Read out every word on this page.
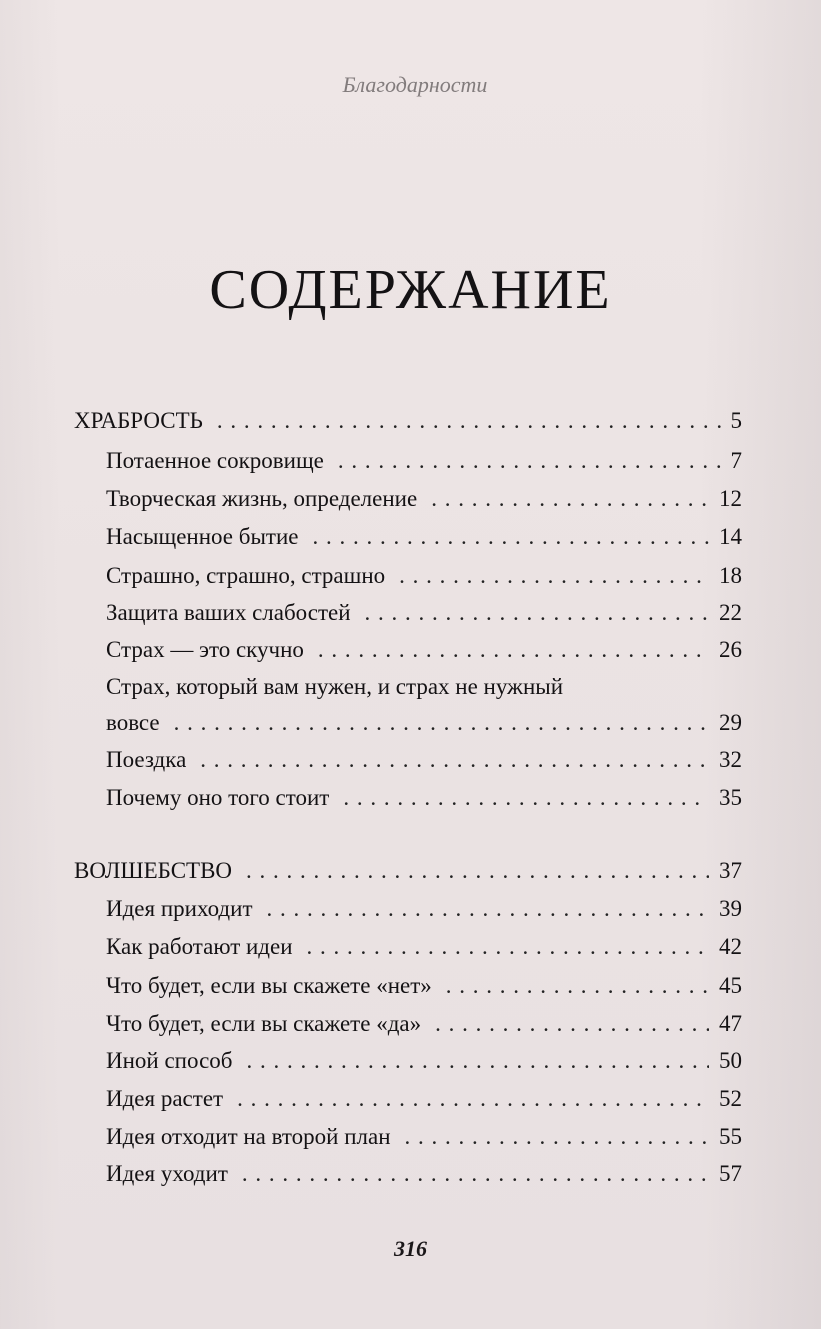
Благодарности
СОДЕРЖАНИЕ
ХРАБРОСТЬ . . .	5
Потаенное сокровище . . .	7
Творческая жизнь, определение . . .	12
Насыщенное бытие . . .	14
Страшно, страшно, страшно . . .	18
Защита ваших слабостей . . .	22
Страх — это скучно . . .	26
Страх, который вам нужен, и страх не нужный
вовсе . . .	29
Поездка . . .	32
Почему оно того стоит . . .	35
ВОЛШЕБСТВО . . .	37
Идея приходит . . .	39
Как работают идеи . . .	42
Что будет, если вы скажете «нет» . . .	45
Что будет, если вы скажете «да» . . .	47
Иной способ . . .	50
Идея растет . . .	52
Идея отходит на второй план . . .	55
Идея уходит . . .	57
316
